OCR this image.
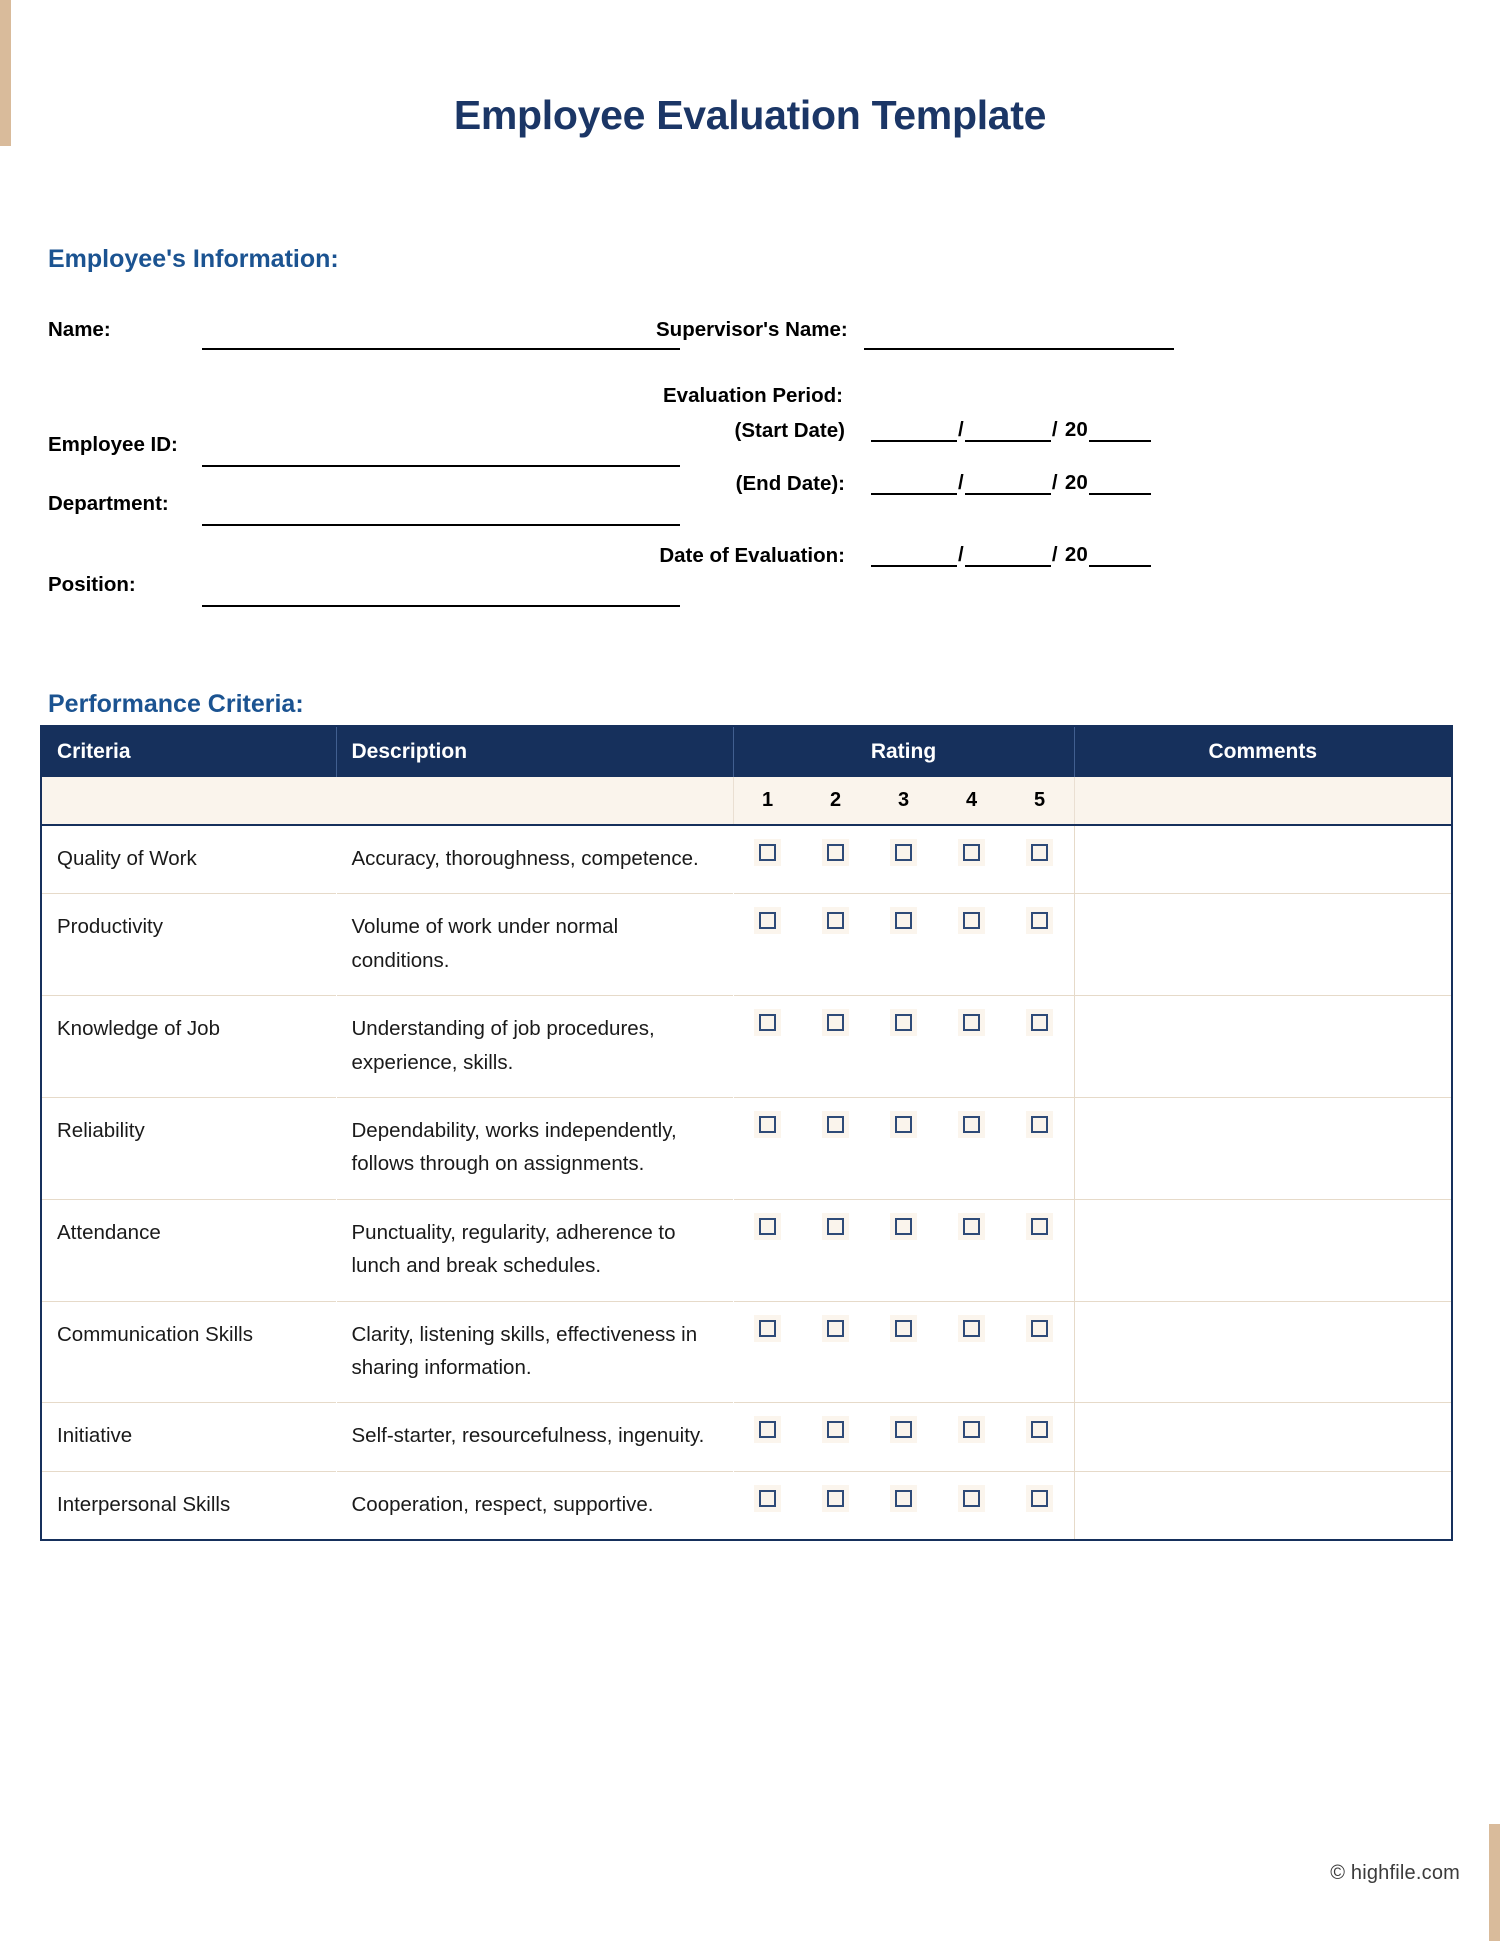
Employee Evaluation Template
Employee's Information:
Name:
Employee ID:
Department:
Position:
Supervisor's Name:
Evaluation Period:
(Start Date)	/	/ 20
(End Date):	/	/ 20
Date of Evaluation:	/	/ 20
Performance Criteria:
Criteria	Description	Rating	Comments

		1 2 3 4 5	

Quality of Work	Accuracy, thoroughness, competence.	

Productivity	Volume of work under normal conditions.	

Knowledge of Job	Understanding of job procedures, experience, skills.	

Reliability	Dependability, works independently, follows through on assignments.	

Attendance	Punctuality, regularity, adherence to lunch and break schedules.	

Communication Skills	Clarity, listening skills, effectiveness in sharing information.	

Initiative	Self-starter, resourcefulness, ingenuity.	

Interpersonal Skills	Cooperation, respect, supportive.	

© highfile.com
